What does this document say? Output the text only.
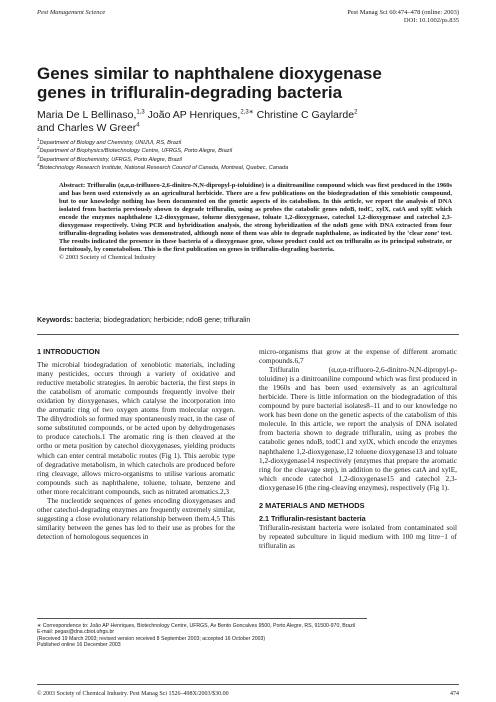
Pest Management Science	Pest Manag Sci 60:474–478 (online: 2003)
DOI: 10.1002/ps.835
Genes similar to naphthalene dioxygenase
genes in trifluralin-degrading bacteria
Maria De L Bellinaso,$^{1,3}$ João AP Henriques,$^{2,3∗}$ Christine C Gaylarde$^2$
and Charles W Greer$^4$
$^1$Department of Biology and Chemistry, UNIJUI, RS, Brazil
$^2$Department of Biophysics/Biotechnology Centre, UFRGS, Porto Alegre, Brazil
$^3$Department of Biochemistry, UFRGS, Porto Alegre, Brazil
$^4$Biotechnology Research Institute, National Research Council of Canada, Montreal, Quebec, Canada
Abstract: Trifluralin (α,α,α-trifluoro-2,6-dinitro-N,N-dipropyl-p-toluidine) is a dinitroaniline compound which was first produced in the 1960s and has been used extensively as an agricultural herbicide. There are a few publications on the biodegradation of this xenobiotic compound, but to our knowledge nothing has been documented on the genetic aspects of its catabolism. In this article, we report the analysis of DNA isolated from bacteria previously shown to degrade trifluralin, using as probes the catabolic genes ndoB, todC, xylX, catA and xylE which encode the enzymes naphthalene 1,2-dioxygenase, toluene dioxygenase, toluate 1,2-dioxygenase, catechol 1,2-dioxygenase and catechol 2,3-dioxygenase respectively. Using PCR and hybridization analysis, the strong hybridization of the ndoB gene with DNA extracted from four trifluralin-degrading isolates was demonstrated, although none of them was able to degrade naphthalene, as indicated by the ‘clear zone’ test. The results indicated the presence in these bacteria of a dioxygenase gene, whose product could act on trifluralin as its principal substrate, or fortuitously, by cometabolism. This is the first publication on genes in trifluralin-degrading bacteria.
© 2003 Society of Chemical Industry
Keywords: bacteria; biodegradation; herbicide; ndoB gene; trifluralin
1 INTRODUCTION

The microbial biodegradation of xenobiotic materials, including many pesticides, occurs through a variety of oxidative and reductive metabolic strategies. In aerobic bacteria, the first steps in the catabolism of aromatic compounds frequently involve their oxidation by dioxygenases, which catalyse the incorporation into the aromatic ring of two oxygen atoms from molecular oxygen. The dihydrodiols so formed may spontaneously react, in the case of some substituted compounds, or be acted upon by dehydrogenases to produce catechols.1 The aromatic ring is then cleaved at the ortho or meta position by catechol dioxygenases, yielding products which can enter central metabolic routes (Fig 1). This aerobic type of degradative metabolism, in which catechols are produced before ring cleavage, allows micro-organisms to utilise various aromatic compounds such as naphthalene, toluene, toluate, benzene and other more recalcitrant compounds, such as nitrated aromatics.2,3

The nucleotide sequences of genes encoding dioxygenases and other catechol-degrading enzymes are frequently extremely similar, suggesting a close evolutionary relationship between them.4,5 This similarity between the genes has led to their use as probes for the detection of homologous sequences in

micro-organisms that grow at the expense of different aromatic compounds.6,7

Trifluralin (α,α,α-trifluoro-2,6-dinitro-N,N-dipropyl-p-toluidine) is a dinitroaniline compound which was first produced in the 1960s and has been used extensively as an agricultural herbicide. There is little information on the biodegradation of this compound by pure bacterial isolates8–11 and to our knowledge no work has been done on the genetic aspects of the catabolism of this molecule. In this article, we report the analysis of DNA isolated from bacteria shown to degrade trifluralin, using as probes the catabolic genes ndoB, todC1 and xylX, which encode the enzymes naphthalene 1,2-dioxygenase,12 toluene dioxygenase13 and toluate 1,2-dioxygenase14 respectively (enzymes that prepare the aromatic ring for the cleavage step), in addition to the genes catA and xylE, which encode catechol 1,2-dioxygenase15 and catechol 2,3-dioxygenase16 (the ring-cleaving enzymes), respectively (Fig 1).

2 MATERIALS AND METHODS
2.1 Trifluralin-resistant bacteria

Trifluralin-resistant bacteria were isolated from contaminated soil by repeated subculture in liquid medium with 100 mg litre−1 of trifluralin as

∗ Correspondence to: João AP Henriques, Biotechnology Centre, UFRGS, Av Bento Goncalves 9500, Porto Alegre, RS, 91500-970, Brazil
E-mail: pegas@dna.cbiot.ufrgs.br
(Received 19 March 2003; revised version received 8 September 2003; accepted 16 October 2003)
Published online 16 December 2003
© 2003 Society of Chemical Industry. Pest Manag Sci 1526–498X/2003/$30.00	474
